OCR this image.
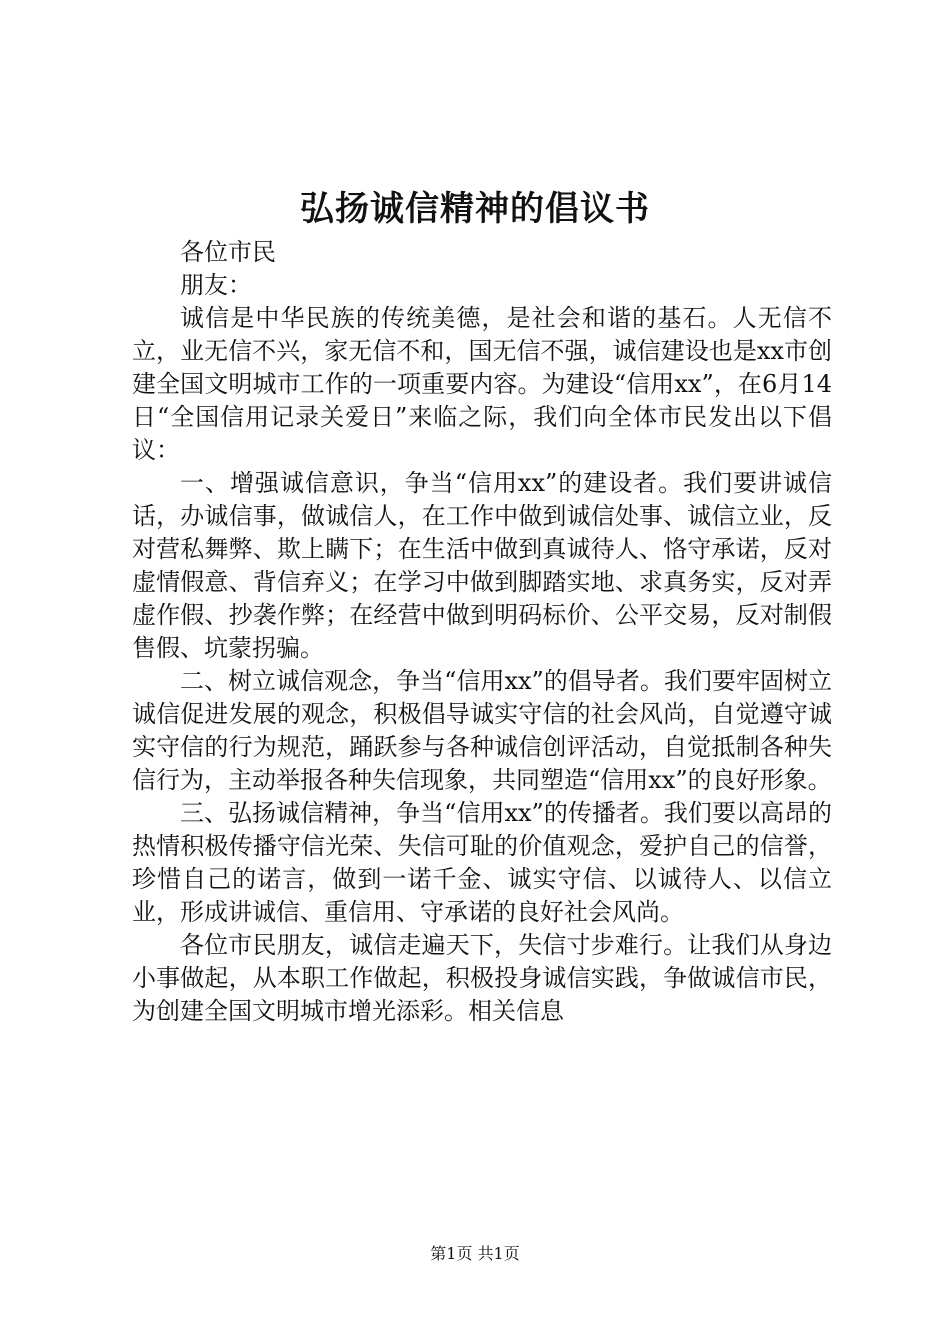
弘扬诚信精神的倡议书

各位市民

朋友：

诚信是中华民族的传统美德，是社会和谐的基石。人无信不立，业无信不兴，家无信不和，国无信不强，诚信建设也是xx市创建全国文明城市工作的一项重要内容。为建设“信用xx”，在6月14日“全国信用记录关爱日”来临之际，我们向全体市民发出以下倡议：

一、增强诚信意识，争当“信用xx”的建设者。我们要讲诚信话，办诚信事，做诚信人，在工作中做到诚信处事、诚信立业，反对营私舞弊、欺上瞒下；在生活中做到真诚待人、恪守承诺，反对虚情假意、背信弃义；在学习中做到脚踏实地、求真务实，反对弄虚作假、抄袭作弊；在经营中做到明码标价、公平交易，反对制假售假、坑蒙拐骗。

二、树立诚信观念，争当“信用xx”的倡导者。我们要牢固树立诚信促进发展的观念，积极倡导诚实守信的社会风尚，自觉遵守诚实守信的行为规范，踊跃参与各种诚信创评活动，自觉抵制各种失信行为，主动举报各种失信现象，共同塑造“信用xx”的良好形象。

三、弘扬诚信精神，争当“信用xx”的传播者。我们要以高昂的热情积极传播守信光荣、失信可耻的价值观念，爱护自己的信誉，珍惜自己的诺言，做到一诺千金、诚实守信、以诚待人、以信立业，形成讲诚信、重信用、守承诺的良好社会风尚。

各位市民朋友，诚信走遍天下，失信寸步难行。让我们从身边小事做起，从本职工作做起，积极投身诚信实践，争做诚信市民，为创建全国文明城市增光添彩。相关信息

第1页 共1页
